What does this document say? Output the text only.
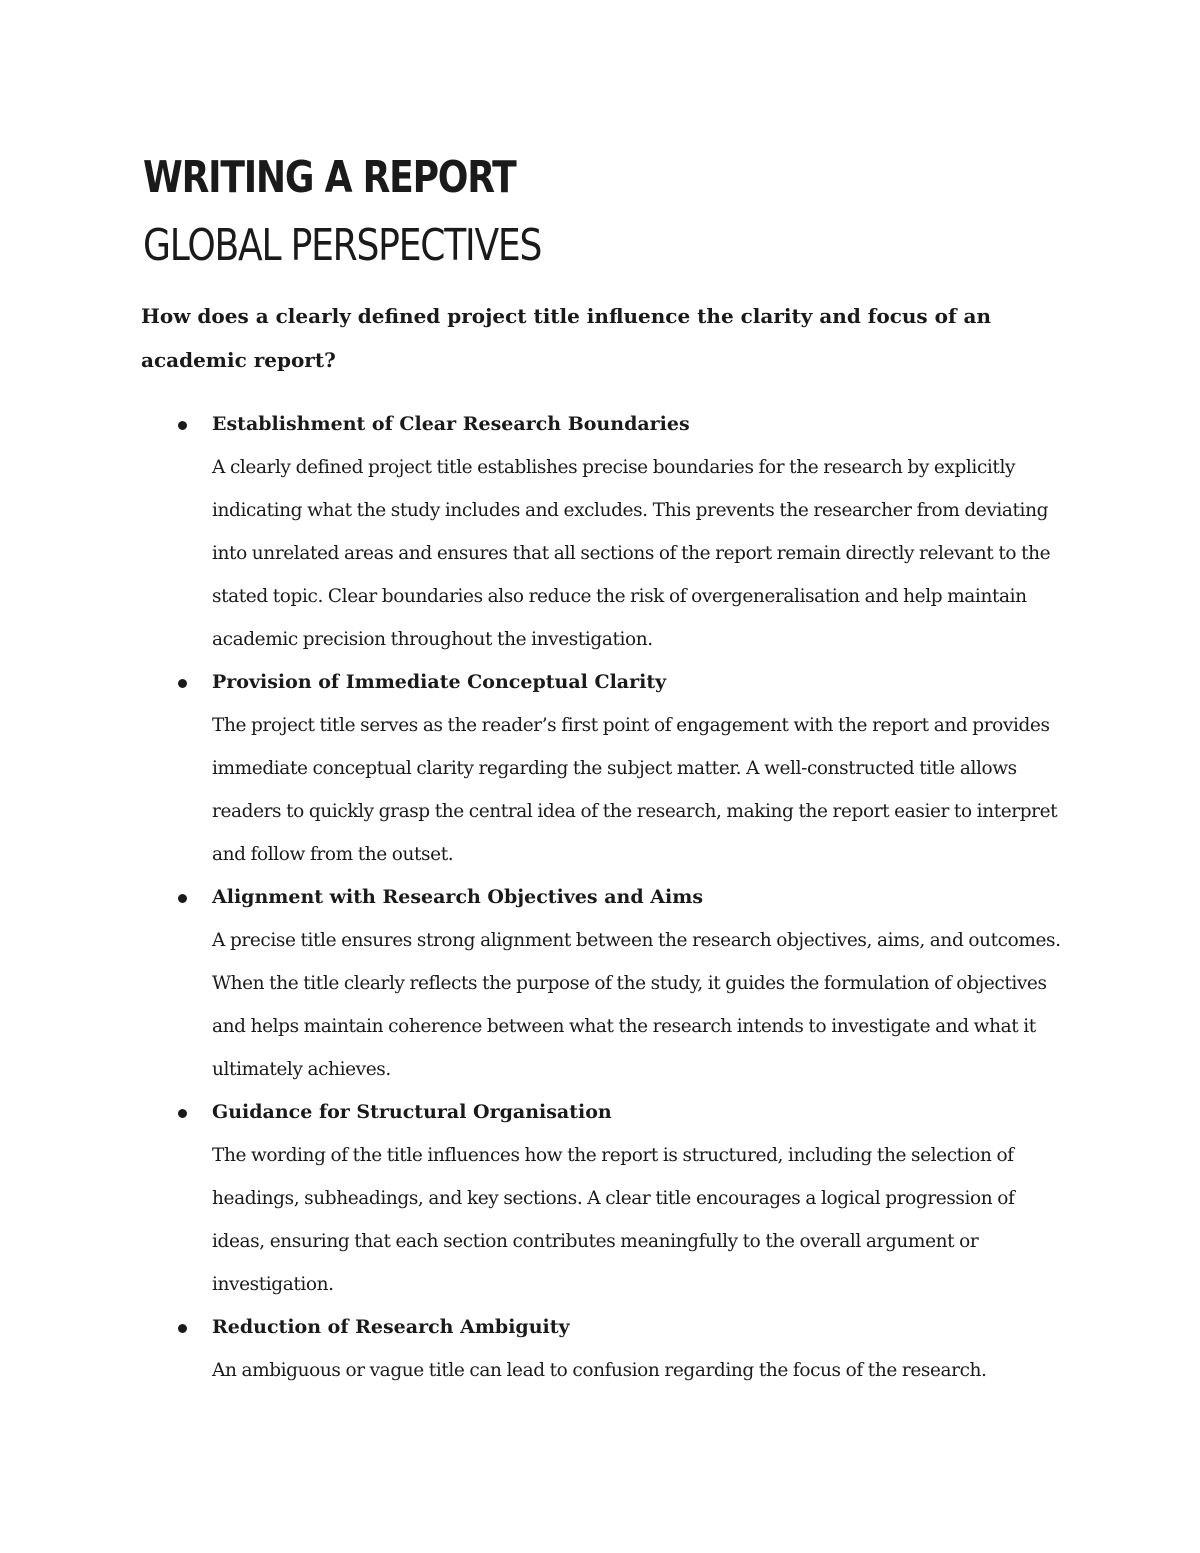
WRITING A REPORT
GLOBAL PERSPECTIVES

How does a clearly defined project title influence the clarity and focus of an academic report?

Establishment of Clear Research Boundaries

A clearly defined project title establishes precise boundaries for the research by explicitly indicating what the study includes and excludes. This prevents the researcher from deviating into unrelated areas and ensures that all sections of the report remain directly relevant to the stated topic. Clear boundaries also reduce the risk of overgeneralisation and help maintain academic precision throughout the investigation.

Provision of Immediate Conceptual Clarity

The project title serves as the reader’s first point of engagement with the report and provides immediate conceptual clarity regarding the subject matter. A well-constructed title allows readers to quickly grasp the central idea of the research, making the report easier to interpret and follow from the outset.

Alignment with Research Objectives and Aims

A precise title ensures strong alignment between the research objectives, aims, and outcomes. When the title clearly reflects the purpose of the study, it guides the formulation of objectives and helps maintain coherence between what the research intends to investigate and what it ultimately achieves.

Guidance for Structural Organisation

The wording of the title influences how the report is structured, including the selection of headings, subheadings, and key sections. A clear title encourages a logical progression of ideas, ensuring that each section contributes meaningfully to the overall argument or investigation.

Reduction of Research Ambiguity

An ambiguous or vague title can lead to confusion regarding the focus of the research.
